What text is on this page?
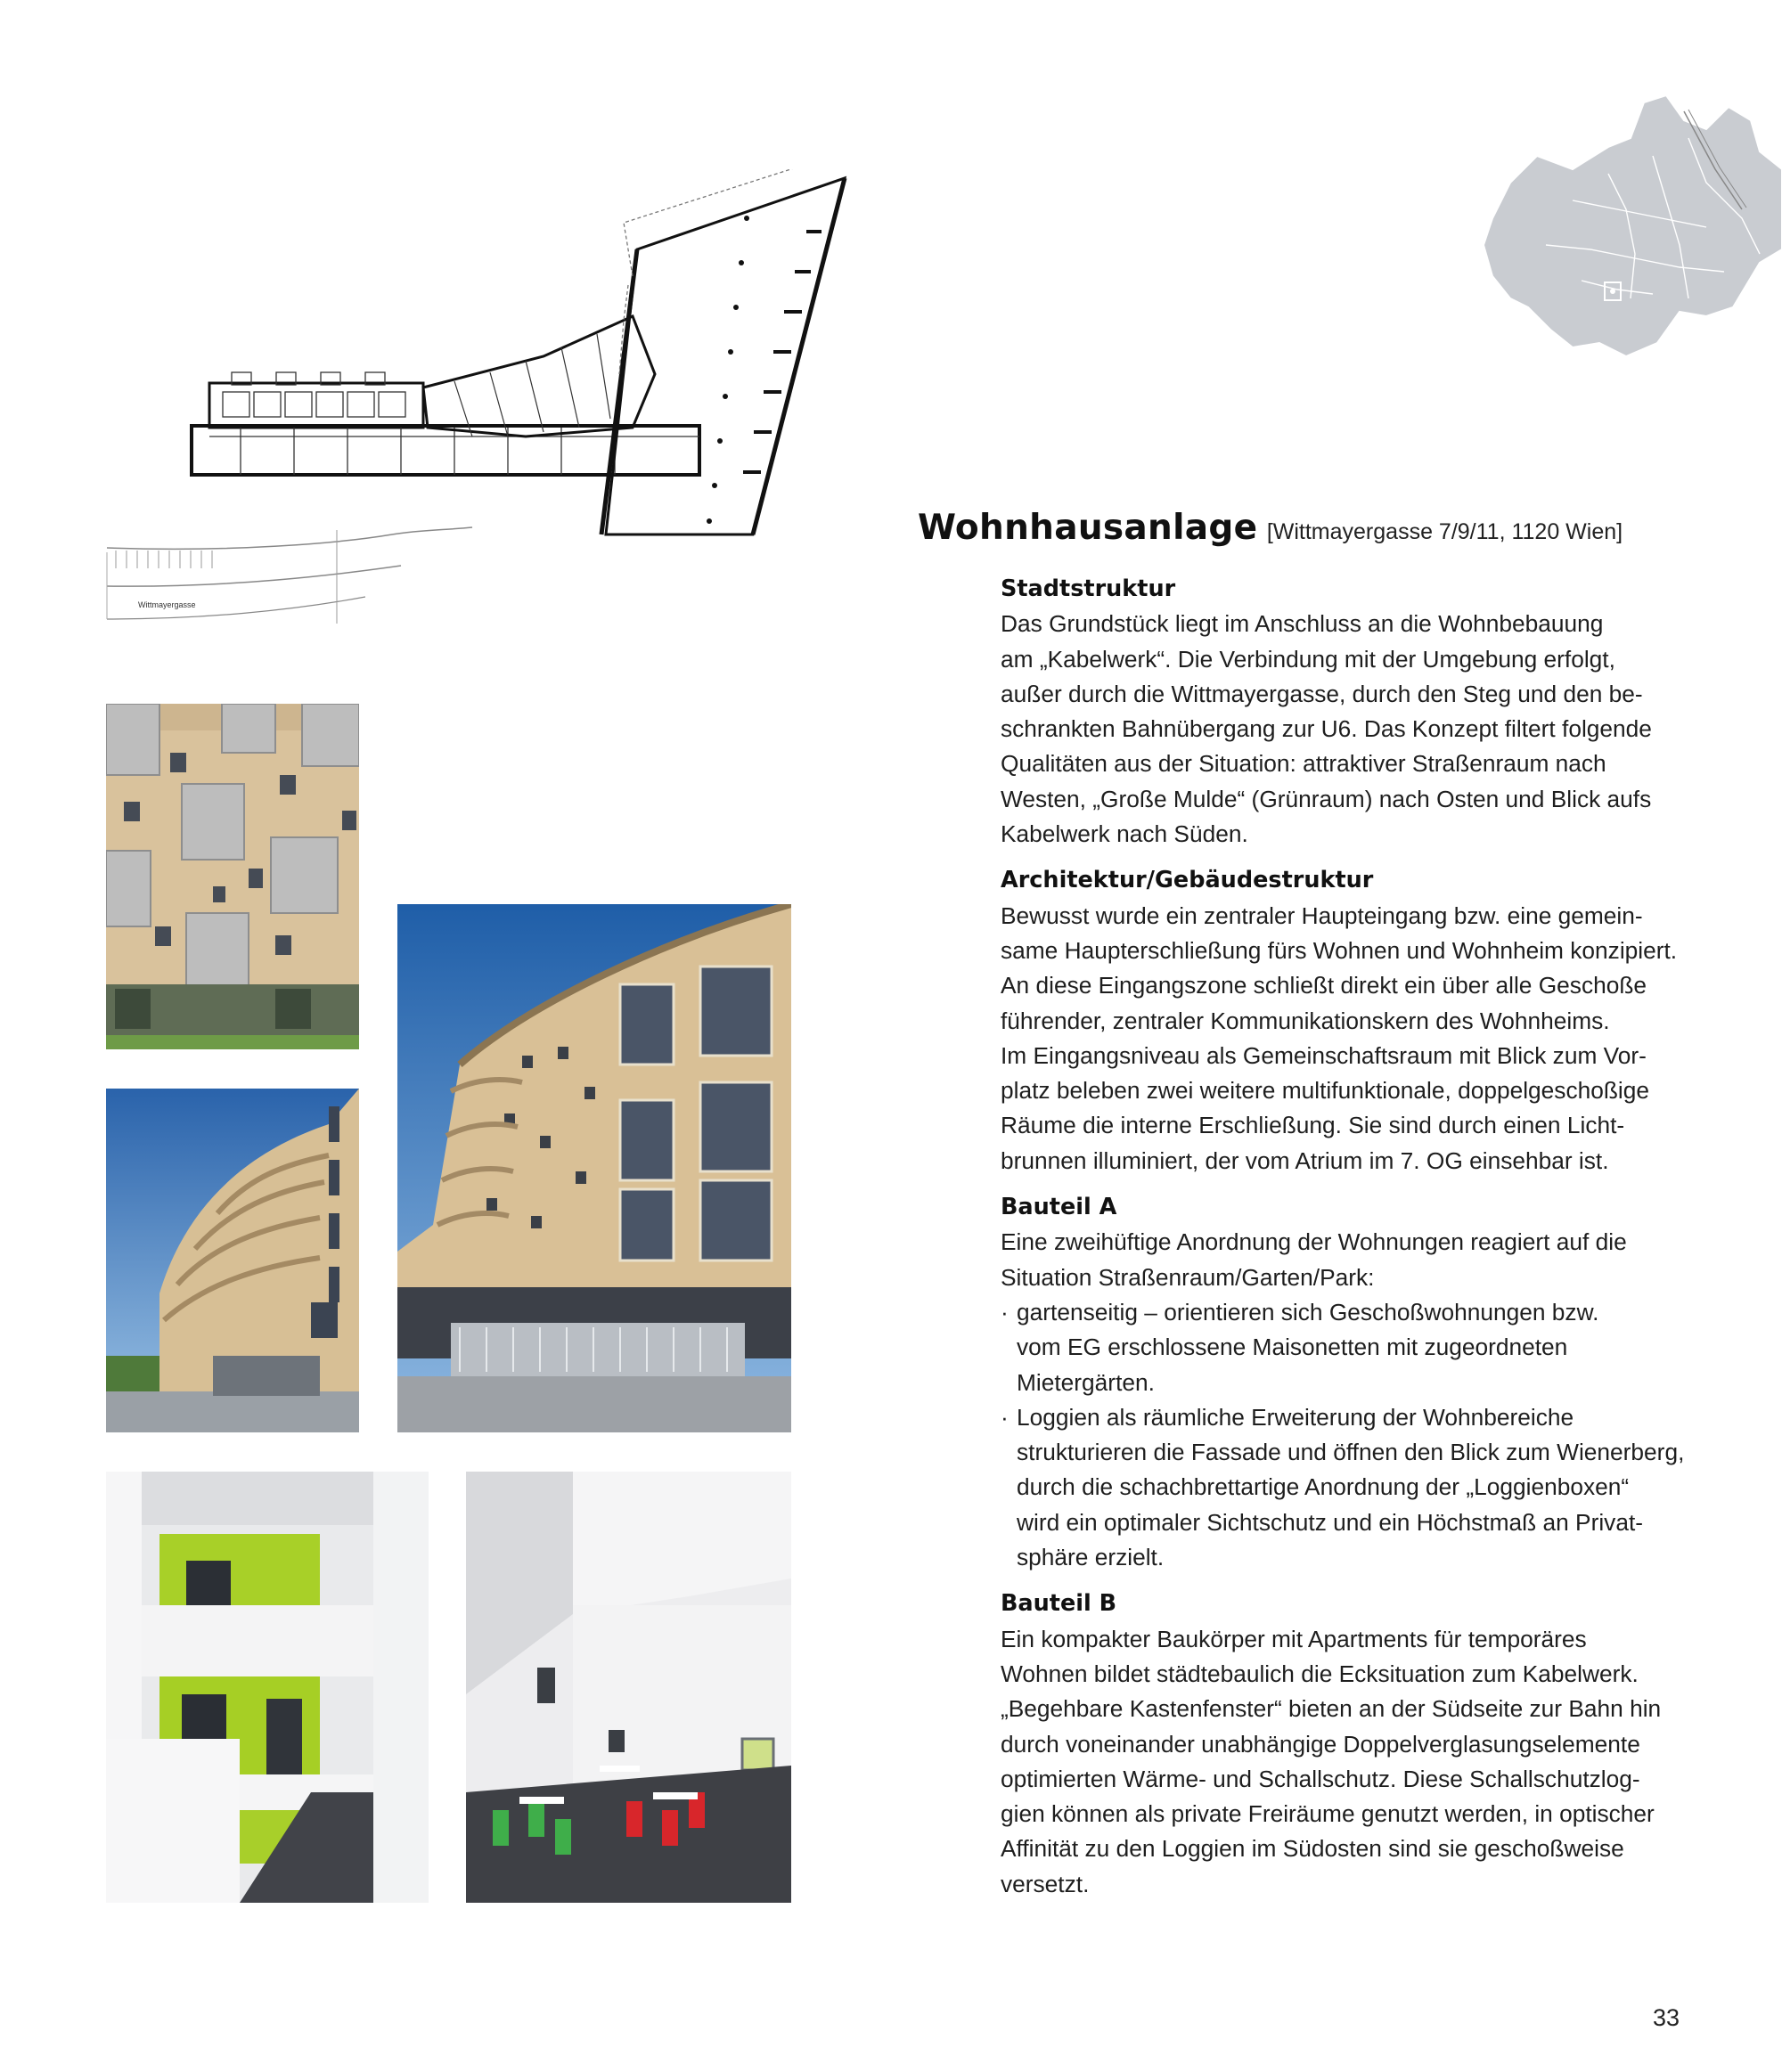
Wittmayergasse
Wohnhausanlage [Wittmayergasse 7/9/11, 1120 Wien]
Stadtstruktur
Das Grundstück liegt im Anschluss an die Wohnbebauung
am „Kabelwerk“. Die Verbindung mit der Umgebung erfolgt,
außer durch die Wittmayergasse, durch den Steg und den be-
schrankten Bahnübergang zur U6. Das Konzept filtert folgende
Qualitäten aus der Situation: attraktiver Straßenraum nach
Westen, „Große Mulde“ (Grünraum) nach Osten und Blick aufs
Kabelwerk nach Süden.
Architektur/Gebäudestruktur
Bewusst wurde ein zentraler Haupteingang bzw. eine gemein-
same Haupterschließung fürs Wohnen und Wohnheim konzipiert.
An diese Eingangszone schließt direkt ein über alle Geschoße
führender, zentraler Kommunikationskern des Wohnheims.
Im Eingangsniveau als Gemeinschaftsraum mit Blick zum Vor-
platz beleben zwei weitere multifunktionale, doppelgeschoßige
Räume die interne Erschließung. Sie sind durch einen Licht-
brunnen illuminiert, der vom Atrium im 7. OG einsehbar ist.
Bauteil A
Eine zweihüftige Anordnung der Wohnungen reagiert auf die
Situation Straßenraum/Garten/Park:
· gartenseitig – orientieren sich Geschoßwohnungen bzw.
vom EG erschlossene Maisonetten mit zugeordneten
Mietergärten.
· Loggien als räumliche Erweiterung der Wohnbereiche
strukturieren die Fassade und öffnen den Blick zum Wienerberg,
durch die schachbrettartige Anordnung der „Loggienboxen“
wird ein optimaler Sichtschutz und ein Höchstmaß an Privat-
sphäre erzielt.
Bauteil B
Ein kompakter Baukörper mit Apartments für temporäres
Wohnen bildet städtebaulich die Ecksituation zum Kabelwerk.
„Begehbare Kastenfenster“ bieten an der Südseite zur Bahn hin
durch voneinander unabhängige Doppelverglasungselemente
optimierten Wärme- und Schallschutz. Diese Schallschutzlog-
gien können als private Freiräume genutzt werden, in optischer
Affinität zu den Loggien im Südosten sind sie geschoßweise
versetzt.
33
